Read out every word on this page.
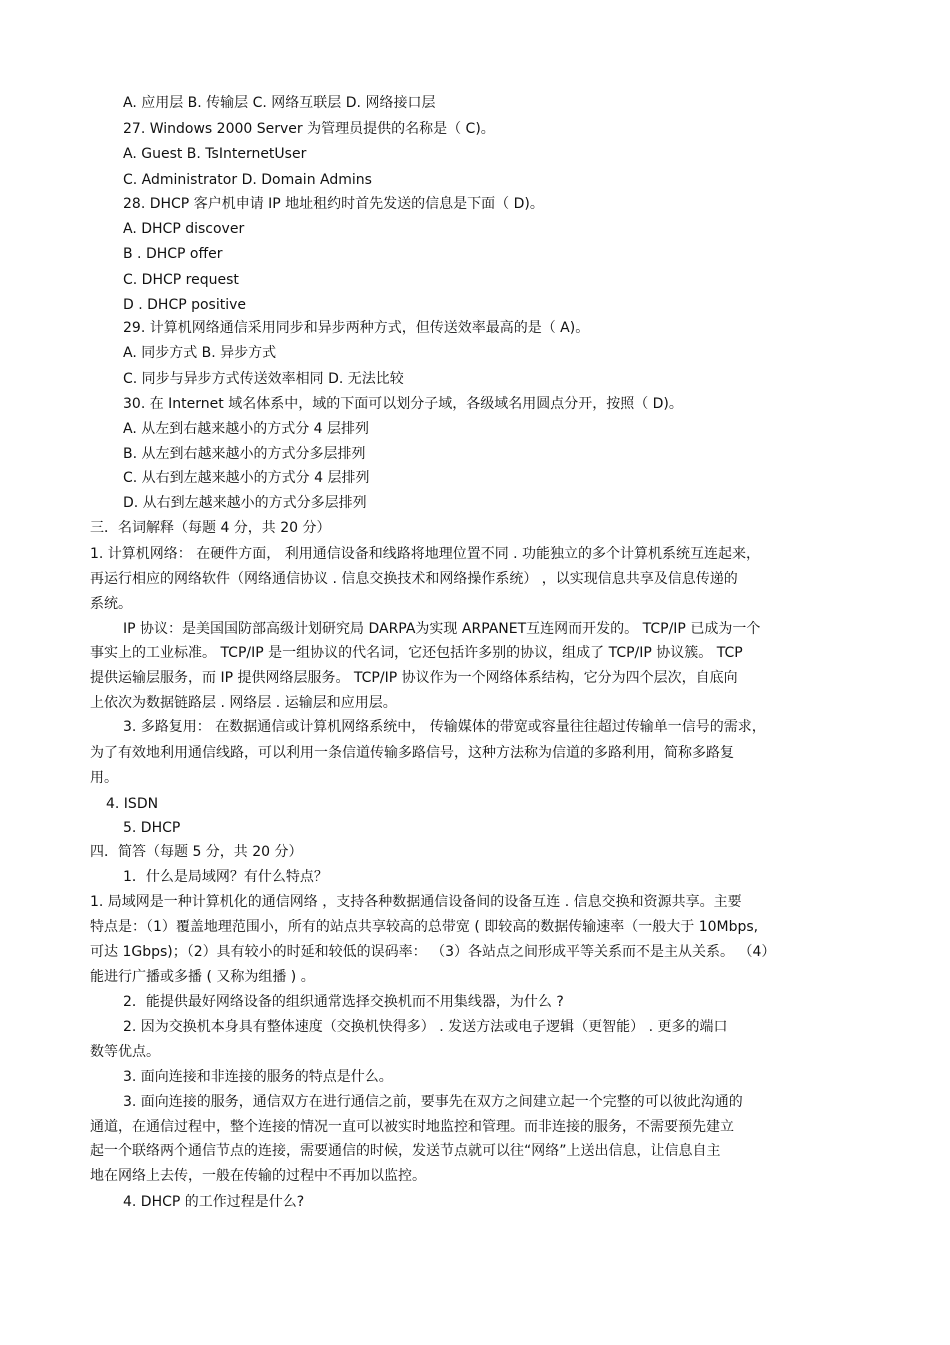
A. 应用层 B. 传输层 C. 网络互联层 D. 网络接口层
27. Windows 2000 Server 为管理员提供的名称是（ C)。
A. Guest B. TsInternetUser
C. Administrator D. Domain Admins
28. DHCP 客户机申请 IP 地址租约时首先发送的信息是下面（ D)。
A. DHCP discover
B . DHCP offer
C. DHCP request
D . DHCP positive
29. 计算机网络通信采用同步和异步两种方式，但传送效率最高的是（ A)。
A. 同步方式 B. 异步方式
C. 同步与异步方式传送效率相同 D. 无法比较
30. 在 Internet 域名体系中，域的下面可以划分子域，各级域名用圆点分开，按照（ D)。
A. 从左到右越来越小的方式分 4 层排列
B. 从左到右越来越小的方式分多层排列
C. 从右到左越来越小的方式分 4 层排列
D. 从右到左越来越小的方式分多层排列
三．名词解释（每题 4 分，共 20 分）
1. 计算机网络： 在硬件方面， 利用通信设备和线路将地理位置不同 . 功能独立的多个计算机系统互连起来，
再运行相应的网络软件（网络通信协议 . 信息交换技术和网络操作系统） ，以实现信息共享及信息传递的
系统。
IP 协议：是美国国防部高级计划研究局 DARPA为实现 ARPANET互连网而开发的。 TCP/IP 已成为一个
事实上的工业标准。 TCP/IP 是一组协议的代名词，它还包括许多别的协议，组成了 TCP/IP 协议簇。 TCP
提供运输层服务，而 IP 提供网络层服务。 TCP/IP 协议作为一个网络体系结构，它分为四个层次，自底向
上依次为数据链路层 . 网络层 . 运输层和应用层。
3. 多路复用： 在数据通信或计算机网络系统中， 传输媒体的带宽或容量往往超过传输单一信号的需求，
为了有效地利用通信线路，可以利用一条信道传输多路信号，这种方法称为信道的多路利用，简称多路复
用。
4. ISDN
5. DHCP
四．简答（每题 5 分，共 20 分）
1．什么是局域网？有什么特点？
1. 局域网是一种计算机化的通信网络 ，支持各种数据通信设备间的设备互连 . 信息交换和资源共享。主要
特点是：（1）覆盖地理范围小，所有的站点共享较高的总带宽 ( 即较高的数据传输速率（一般大于 10Mbps,
可达 1Gbps)；（2）具有较小的时延和较低的误码率： （3）各站点之间形成平等关系而不是主从关系。 （4）
能进行广播或多播 ( 又称为组播 ) 。
2．能提供最好网络设备的组织通常选择交换机而不用集线器，为什么 ?
2. 因为交换机本身具有整体速度（交换机快得多） . 发送方法或电子逻辑（更智能） . 更多的端口
数等优点。
3. 面向连接和非连接的服务的特点是什么。
3. 面向连接的服务，通信双方在进行通信之前，要事先在双方之间建立起一个完整的可以彼此沟通的
通道，在通信过程中，整个连接的情况一直可以被实时地监控和管理。而非连接的服务，不需要预先建立
起一个联络两个通信节点的连接，需要通信的时候，发送节点就可以往“网络”上送出信息，让信息自主
地在网络上去传，一般在传输的过程中不再加以监控。
4. DHCP 的工作过程是什么?
